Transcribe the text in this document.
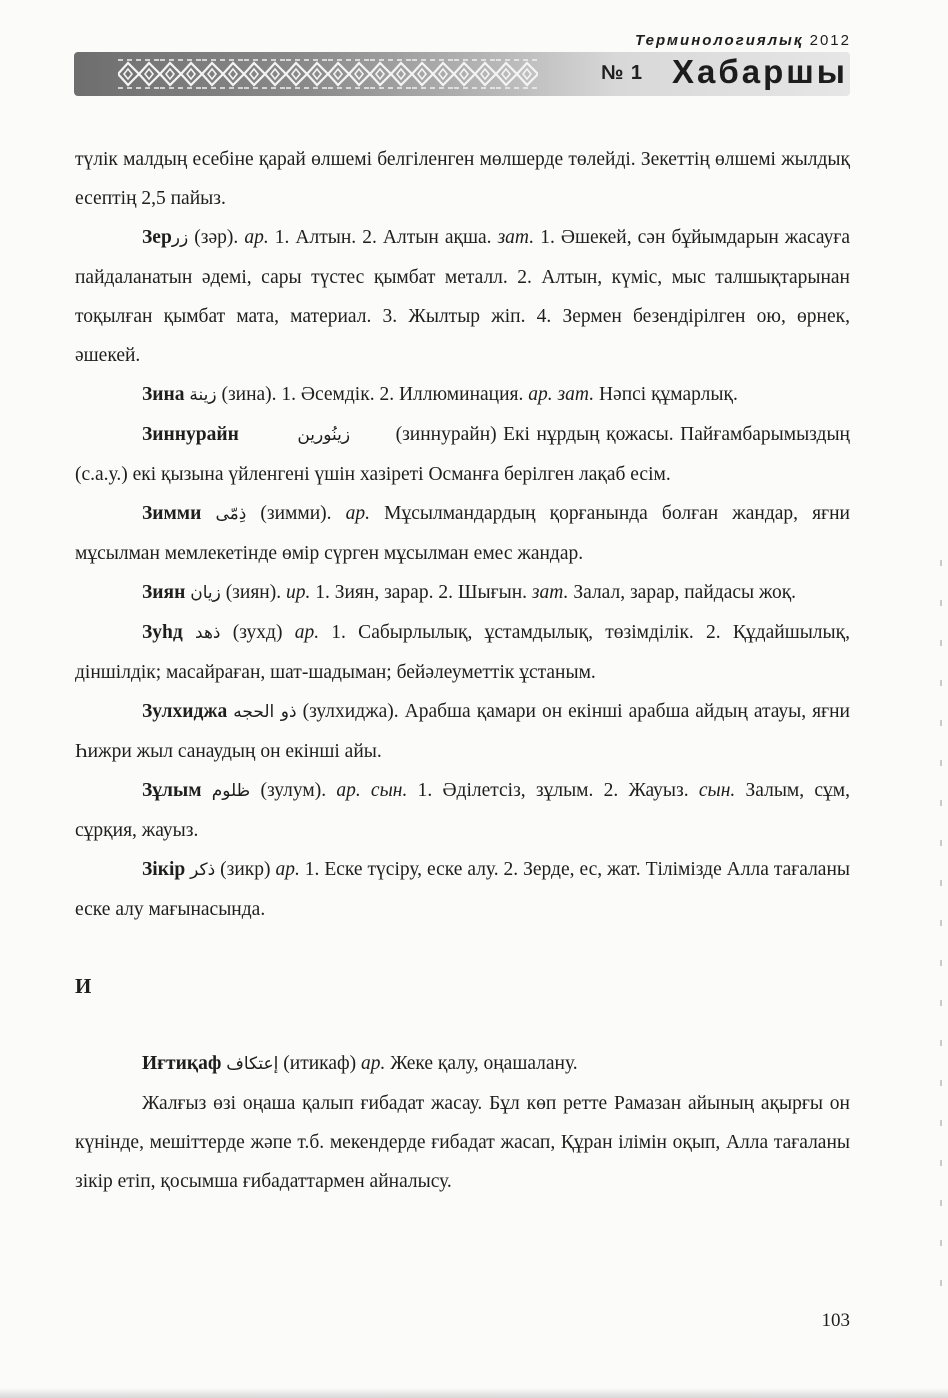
Терминологиялық 2012
№ 1 Хабаршы

түлік малдың есебіне қарай өлшемі белгіленген мөлшерде төлейді. Зекеттің өлшемі жылдық есептің 2,5 пайыз.

Зерزر (зәр). ар. 1. Алтын. 2. Алтын ақша. зат. 1. Әшекей, сән бұйымдарын жасауға пайдаланатын әдемі, сары түстес қымбат металл. 2. Алтын, күміс, мыс талшықтарынан тоқылған қымбат мата, материал. 3. Жылтыр жіп. 4. Зермен безендірілген ою, өрнек, әшекей.

Зина زينة (зина). 1. Әсемдік. 2. Иллюминация. ар. зат. Нәпсі құмарлық.

Зиннурайн   	زينُورين   (зиннурайн) Екі нұрдың қожасы. Пайғамбарымыздың (с.а.у.) екі қызына үйленгені үшін хазіреті Османға берілген лақаб есім.

Зимми ذِمّى (зимми). ар. Мұсылмандардың қорғанында болған жандар, яғни мұсылман мемлекетінде өмір сүрген мұсылман емес жандар.

Зиян زيان (зиян). ир. 1. Зиян, зарар. 2. Шығын. зат. Залал, зарар, пайдасы жоқ.

Зуһд ذهد (зухд) ар. 1. Сабырлылық, ұстамдылық, төзімділік. 2. Құдайшылық, діншілдік; масайраған, шат-шадыман; бейәлеуметтік ұстаным.

Зулхиджа ذو الحجه (зулхиджа). Арабша қамари он екінші арабша айдың атауы, яғни Һижри жыл санаудың он екінші айы.

Зұлым ظلوم (зулум). ар. сын. 1. Әділетсіз, зұлым. 2. Жауыз. сын. Залым, сұм, сұрқия, жауыз.

Зікір ذكر (зикр) ар. 1. Еске түсіру, еске алу. 2. Зерде, ес, жат. Тілімізде Алла тағаланы еске алу мағынасында.

И

Иғтиқаф إعتكاف (итикаф) ар. Жеке қалу, оңашалану.

Жалғыз өзі оңаша қалып ғибадат жасау. Бұл көп ретте Рамазан айының ақырғы он күнінде, мешіттерде жәпе т.б. мекендерде ғибадат жасап, Құран ілімін оқып, Алла тағаланы зікір етіп, қосымша ғибадаттармен айналысу.

103
